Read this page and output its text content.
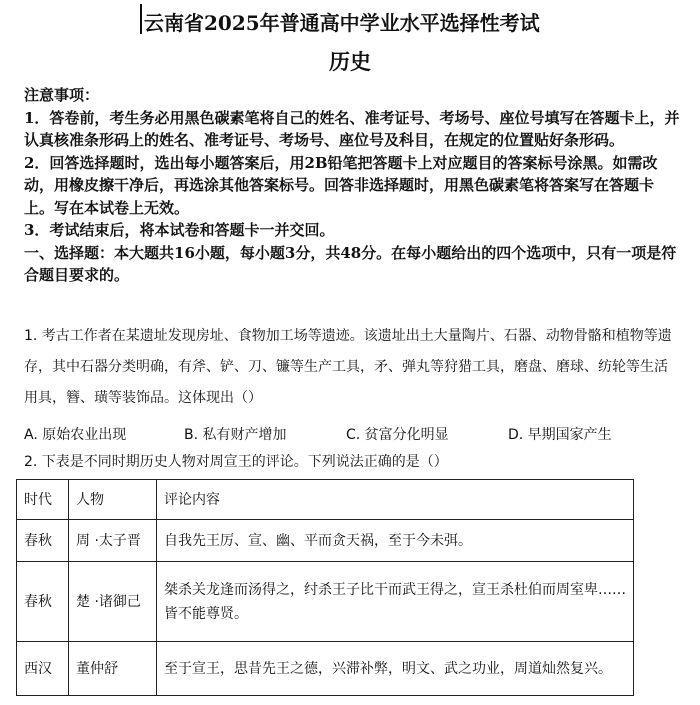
云南省2025年普通高中学业水平选择性考试
历史

注意事项：

1．答卷前，考生务必用黑色碳素笔将自己的姓名、准考证号、考场号、座位号填写在答题卡上，并认真核准条形码上的姓名、准考证号、考场号、座位号及科目，在规定的位置贴好条形码。

2．回答选择题时，选出每小题答案后，用2B铅笔把答题卡上对应题目的答案标号涂黑。如需改动，用橡皮擦干净后，再选涂其他答案标号。回答非选择题时，用黑色碳素笔将答案写在答题卡上。写在本试卷上无效。

3．考试结束后，将本试卷和答题卡一并交回。

一、选择题：本大题共16小题，每小题3分，共48分。在每小题给出的四个选项中，只有一项是符合题目要求的。

1. 考古工作者在某遗址发现房址、食物加工场等遗迹。该遗址出土大量陶片、石器、动物骨骼和植物等遗存，其中石器分类明确，有斧、铲、刀、镰等生产工具，矛、弹丸等狩猎工具，磨盘、磨球、纺轮等生活用具，簪、璜等装饰品。这体现出（）
A. 原始农业出现	B. 私有财产增加	C. 贫富分化明显	D. 早期国家产生
2. 下表是不同时期历史人物对周宣王的评论。下列说法正确的是（）
时代	人物	评论内容
春秋	周 ·太子晋	自我先王厉、宣、幽、平而贪天祸，至于今未弭。
春秋	楚 ·诸御己	桀杀关龙逢而汤得之，纣杀王子比干而武王得之，宣王杀杜伯而周室卑……皆不能尊贤。
西汉	董仲舒	至于宣王，思昔先王之德，兴滞补弊，明文、武之功业，周道灿然复兴。
